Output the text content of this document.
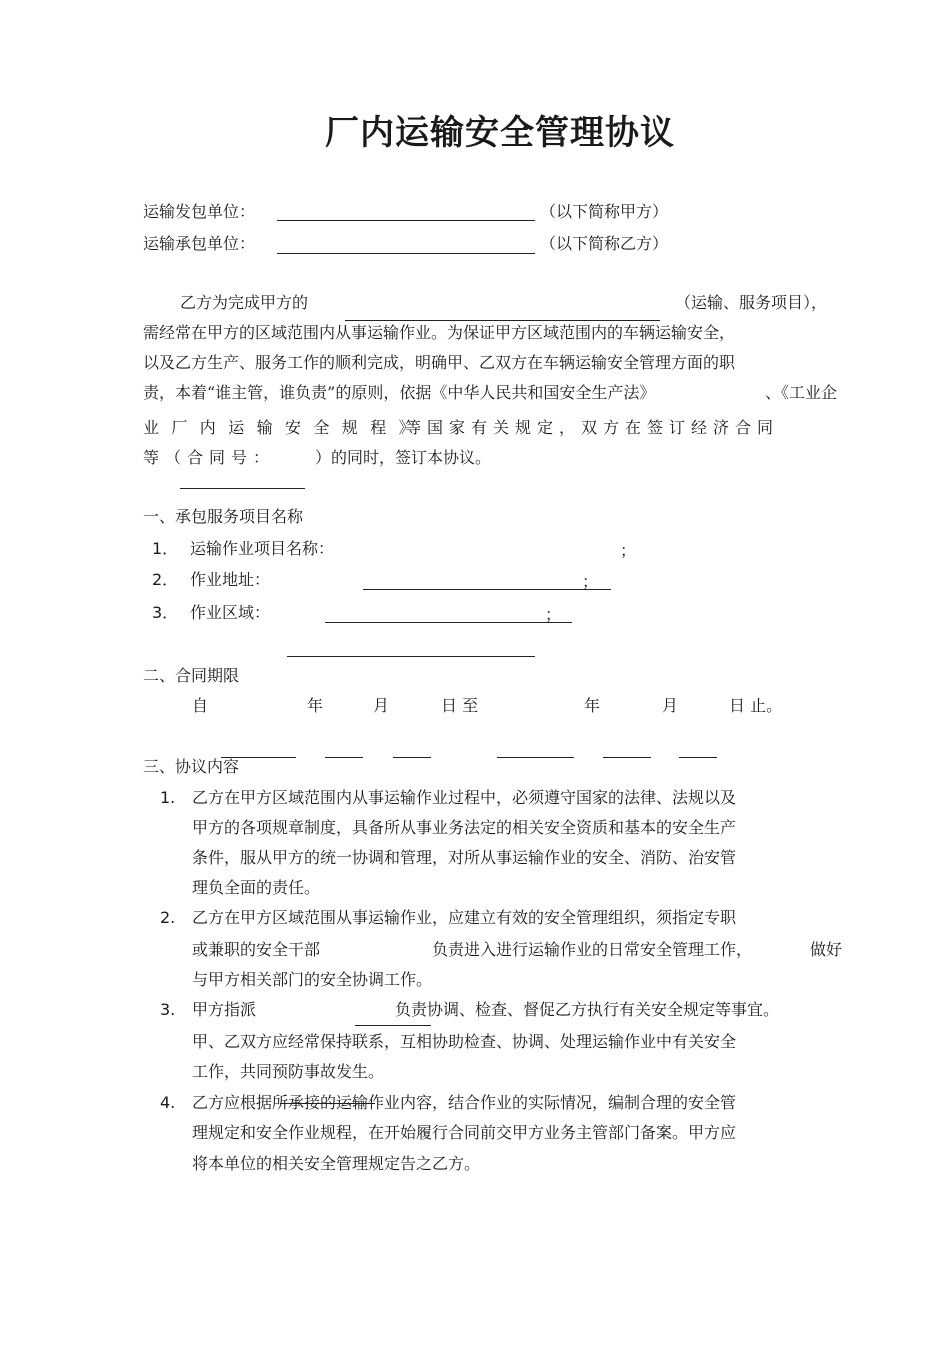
厂内运输安全管理协议
运输发包单位：	（以下简称甲方）
运输承包单位：	（以下简称乙方）
乙方为完成甲方的	（运输、服务项目），
需经常在甲方的区域范围内从事运输作业。为保证甲方区域范围内的车辆运输安全，
以及乙方生产、服务工作的顺利完成，明确甲、乙双方在车辆运输安全管理方面的职
责，本着“谁主管，谁负责”的原则，依据《中华人民共和国安全生产法》	、《工业企
业厂内运输安全规程》
等国家有关规定，双方在签订经济合同
等（合同号： ）的同时，签订本协议。
一、承包服务项目名称
1． 运输作业项目名称：	；
2． 作业地址：	；
3． 作业区域：	；
二、合同期限
自	年	月	日 至	年	月	日 止。
三、协议内容
1. 乙方在甲方区域范围内从事运输作业过程中，必须遵守国家的法律、法规以及
甲方的各项规章制度，具备所从事业务法定的相关安全资质和基本的安全生产
条件，服从甲方的统一协调和管理，对所从事运输作业的安全、消防、治安管
理负全面的责任。
2. 乙方在甲方区域范围从事运输作业，应建立有效的安全管理组织，须指定专职
或兼职的安全干部	负责进入进行运输作业的日常安全管理工作，	做好
与甲方相关部门的安全协调工作。
3. 甲方指派	负责协调、检查、督促乙方执行有关安全规定等事宜。
甲、乙双方应经常保持联系，互相协助检查、协调、处理运输作业中有关安全
工作，共同预防事故发生。
4. 乙方应根据所承接的运输作业内容，结合作业的实际情况，编制合理的安全管
理规定和安全作业规程，在开始履行合同前交甲方业务主管部门备案。甲方应
将本单位的相关安全管理规定告之乙方。
